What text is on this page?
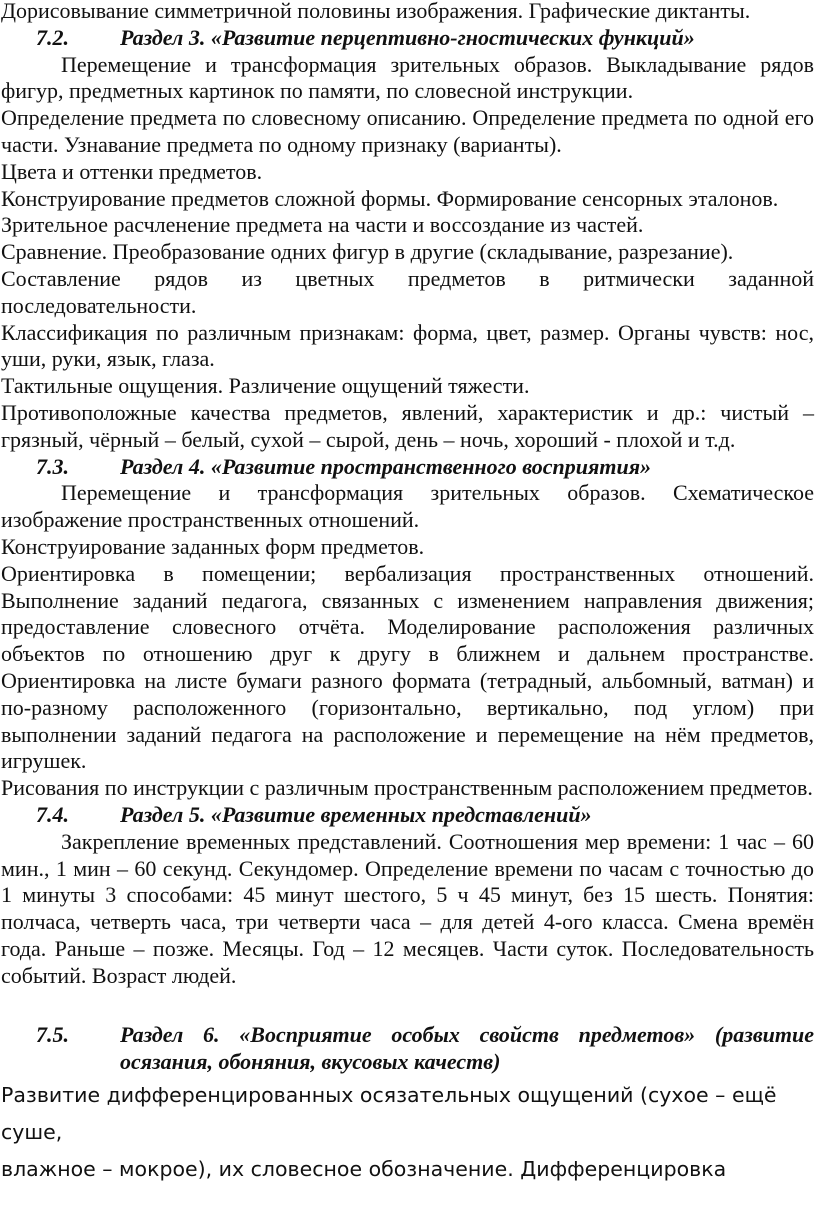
Дорисовывание симметричной половины изображения. Графические диктанты.

7.2.	Раздел 3. «Развитие перцептивно-гностических функций»

Перемещение и трансформация зрительных образов. Выкладывание рядов фигур, предметных картинок по памяти, по словесной инструкции.

Определение предмета по словесному описанию. Определение предмета по одной его части. Узнавание предмета по одному признаку (варианты).

Цвета и оттенки предметов.

Конструирование предметов сложной формы. Формирование сенсорных эталонов.

Зрительное расчленение предмета на части и воссоздание из частей.

Сравнение. Преобразование одних фигур в другие (складывание, разрезание).

Составление рядов из цветных предметов в ритмически заданной последовательности.

Классификация по различным признакам: форма, цвет, размер. Органы чувств: нос, уши, руки, язык, глаза.

Тактильные ощущения. Различение ощущений тяжести.

Противоположные качества предметов, явлений, характеристик и др.: чистый – грязный, чёрный – белый, сухой – сырой, день – ночь, хороший - плохой и т.д.

7.3.	Раздел 4. «Развитие пространственного восприятия»

Перемещение и трансформация зрительных образов. Схематическое изображение пространственных отношений.

Конструирование заданных форм предметов.

Ориентировка в помещении; вербализация пространственных отношений. Выполнение заданий педагога, связанных с изменением направления движения; предоставление словесного отчёта. Моделирование расположения различных объектов по отношению друг к другу в ближнем и дальнем пространстве. Ориентировка на листе бумаги разного формата (тетрадный, альбомный, ватман) и по-разному расположенного (горизонтально, вертикально, под углом) при выполнении заданий педагога на расположение и перемещение на нём предметов, игрушек.

Рисования по инструкции с различным пространственным расположением предметов.

7.4.	Раздел 5. «Развитие временных представлений»

Закрепление временных представлений. Соотношения мер времени: 1 час – 60 мин., 1 мин – 60 секунд. Секундомер. Определение времени по часам с точностью до 1 минуты 3 способами: 45 минут шестого, 5 ч 45 минут, без 15 шесть. Понятия: полчаса, четверть часа, три четверти часа – для детей 4-ого класса. Смена времён года. Раньше – позже. Месяцы. Год – 12 месяцев. Части суток. Последовательность событий. Возраст людей.

7.5.	Раздел 6. «Восприятие особых свойств предметов» (развитие осязания, обоняния, вкусовых качеств)

Развитие дифференцированных осязательных ощущений (сухое – ещё суше,

влажное – мокрое), их словесное обозначение. Дифференцировка
